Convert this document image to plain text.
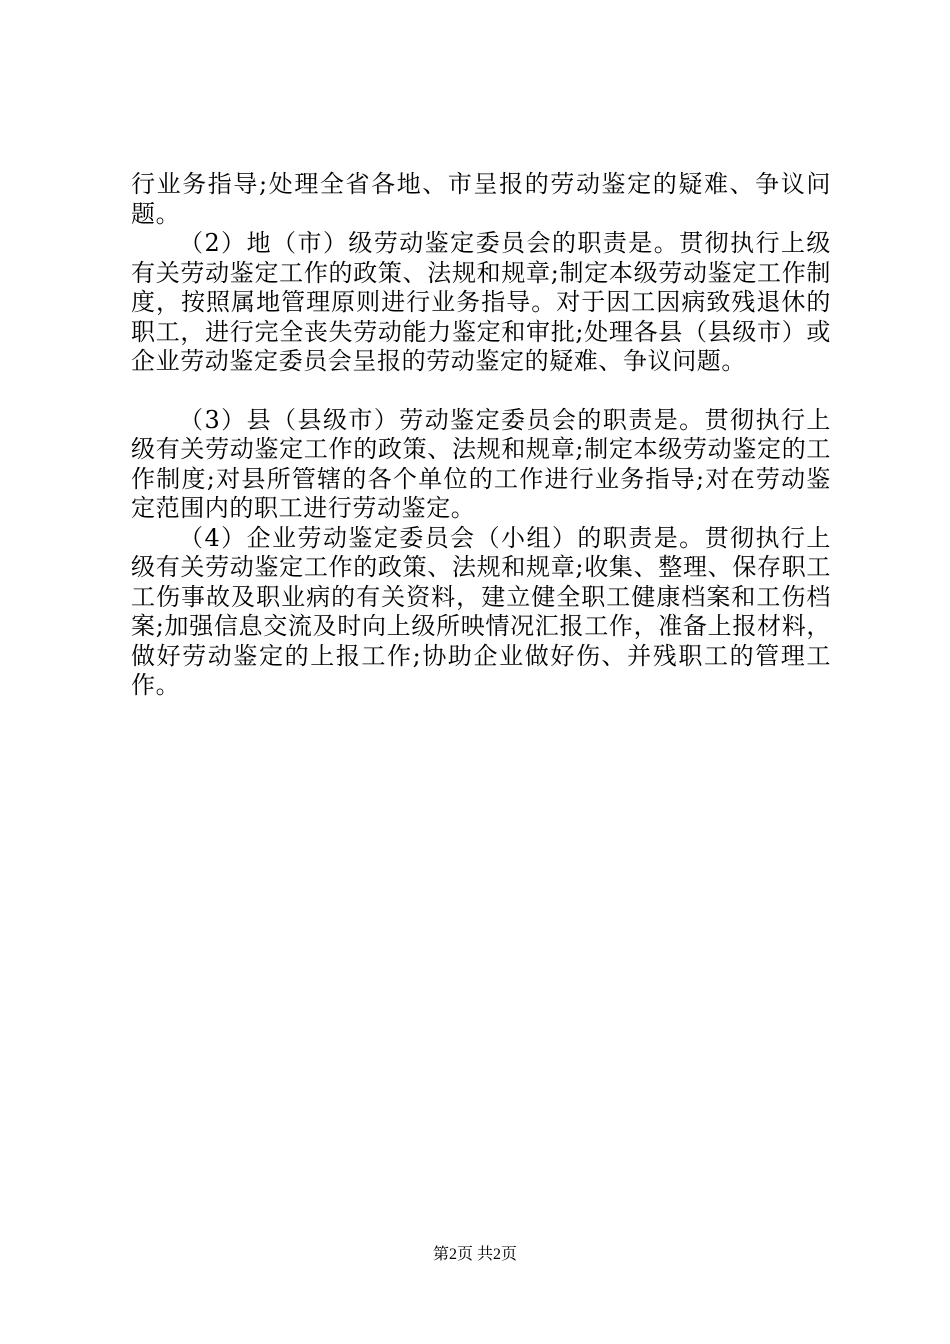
行业务指导;处理全省各地、市呈报的劳动鉴定的疑难、争议问题。

（2）地（市）级劳动鉴定委员会的职责是。贯彻执行上级有关劳动鉴定工作的政策、法规和规章;制定本级劳动鉴定工作制度，按照属地管理原则进行业务指导。对于因工因病致残退休的职工，进行完全丧失劳动能力鉴定和审批;处理各县（县级市）或企业劳动鉴定委员会呈报的劳动鉴定的疑难、争议问题。

（3）县（县级市）劳动鉴定委员会的职责是。贯彻执行上级有关劳动鉴定工作的政策、法规和规章;制定本级劳动鉴定的工作制度;对县所管辖的各个单位的工作进行业务指导;对在劳动鉴定范围内的职工进行劳动鉴定。

（4）企业劳动鉴定委员会（小组）的职责是。贯彻执行上级有关劳动鉴定工作的政策、法规和规章;收集、整理、保存职工工伤事故及职业病的有关资料，建立健全职工健康档案和工伤档案;加强信息交流及时向上级所映情况汇报工作，准备上报材料，做好劳动鉴定的上报工作;协助企业做好伤、并残职工的管理工作。

第2页 共2页
